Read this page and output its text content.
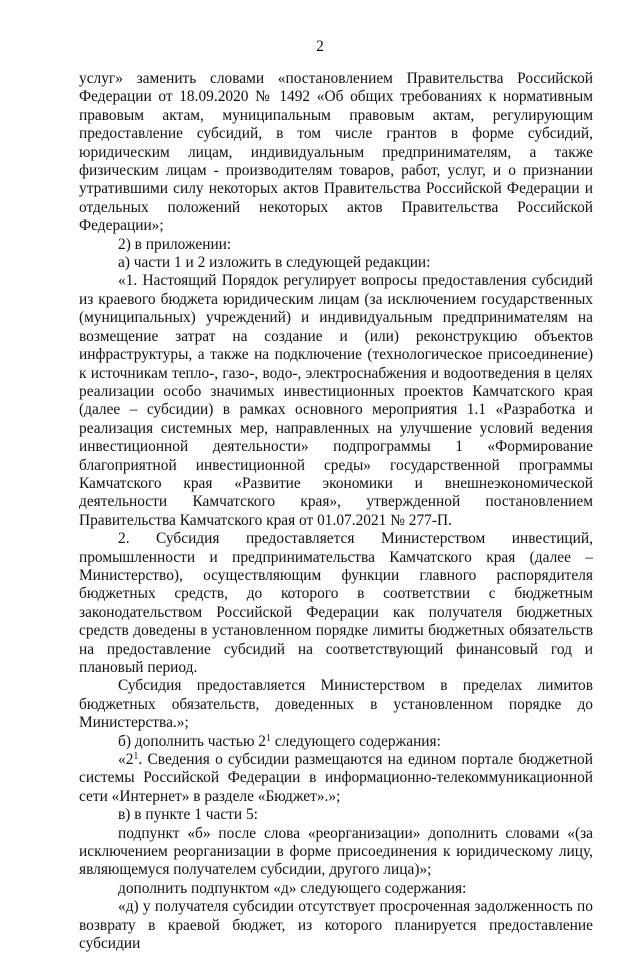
2

услуг» заменить словами «постановлением Правительства Российской Федерации от 18.09.2020 № 1492 «Об общих требованиях к нормативным правовым актам, муниципальным правовым актам, регулирующим предоставление субсидий, в том числе грантов в форме субсидий, юридическим лицам, индивидуальным предпринимателям, а также физическим лицам - производителям товаров, работ, услуг, и о признании утратившими силу некоторых актов Правительства Российской Федерации и отдельных положений некоторых актов Правительства Российской Федерации»;

2) в приложении:

а) части 1 и 2 изложить в следующей редакции:

«1. Настоящий Порядок регулирует вопросы предоставления субсидий из краевого бюджета юридическим лицам (за исключением государственных (муниципальных) учреждений) и индивидуальным предпринимателям на возмещение затрат на создание и (или) реконструкцию объектов инфраструктуры, а также на подключение (технологическое присоединение) к источникам тепло-, газо-, водо-, электроснабжения и водоотведения в целях реализации особо значимых инвестиционных проектов Камчатского края (далее – субсидии) в рамках основного мероприятия 1.1 «Разработка и реализация системных мер, направленных на улучшение условий ведения инвестиционной деятельности» подпрограммы 1 «Формирование благоприятной инвестиционной среды» государственной программы Камчатского края «Развитие экономики и внешнеэкономической деятельности Камчатского края», утвержденной постановлением Правительства Камчатского края от 01.07.2021 № 277-П.

2. Субсидия предоставляется Министерством инвестиций, промышленности и предпринимательства Камчатского края (далее – Министерство), осуществляющим функции главного распорядителя бюджетных средств, до которого в соответствии с бюджетным законодательством Российской Федерации как получателя бюджетных средств доведены в установленном порядке лимиты бюджетных обязательств на предоставление субсидий на соответствующий финансовый год и плановый период.

Субсидия предоставляется Министерством в пределах лимитов бюджетных обязательств, доведенных в установленном порядке до Министерства.»;

б) дополнить частью $2^1$ следующего содержания:

«$2^1$. Сведения о субсидии размещаются на едином портале бюджетной системы Российской Федерации в информационно-телекоммуникационной сети «Интернет» в разделе «Бюджет».»;

в) в пункте 1 части 5:

подпункт «б» после слова «реорганизации» дополнить словами «(за исключением реорганизации в форме присоединения к юридическому лицу, являющемуся получателем субсидии, другого лица)»;

дополнить подпунктом «д» следующего содержания:

«д) у получателя субсидии отсутствует просроченная задолженность по возврату в краевой бюджет, из которого планируется предоставление субсидии
